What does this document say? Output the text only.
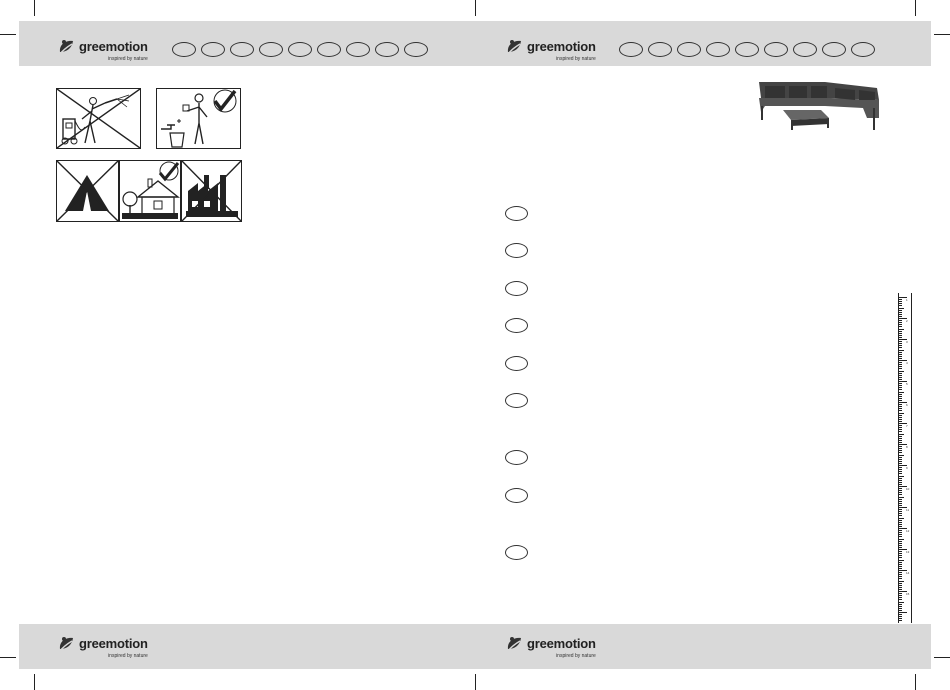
greemotion
inspired by nature
greemotion
inspired by nature
greemotion
inspired by nature
greemotion
inspired by nature
1
2
3
4
5
6
7
8
9
10
11
12
13
14
15
